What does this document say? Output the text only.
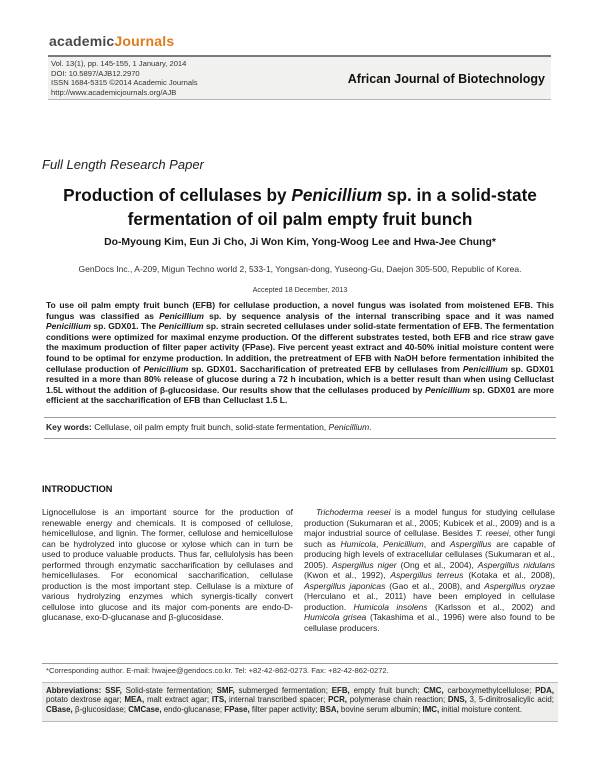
academicJournals
Vol. 13(1), pp. 145-155, 1 January, 2014
DOI: 10.5897/AJB12.2970
ISSN 1684-5315 ©2014 Academic Journals
http://www.academicjournals.org/AJB
African Journal of Biotechnology
Full Length Research Paper
Production of cellulases by Penicillium sp. in a solid-state fermentation of oil palm empty fruit bunch
Do-Myoung Kim, Eun Ji Cho, Ji Won Kim, Yong-Woog Lee and Hwa-Jee Chung*
GenDocs Inc., A-209, Migun Techno world 2, 533-1, Yongsan-dong, Yuseong-Gu, Daejon 305-500, Republic of Korea.
Accepted 18 December, 2013
To use oil palm empty fruit bunch (EFB) for cellulase production, a novel fungus was isolated from moistened EFB. This fungus was classified as Penicillium sp. by sequence analysis of the internal transcribing space and it was named Penicillium sp. GDX01. The Penicillium sp. strain secreted cellulases under solid-state fermentation of EFB. The fermentation conditions were optimized for maximal enzyme production. Of the different substrates tested, both EFB and rice straw gave the maximum production of filter paper activity (FPase). Five percent yeast extract and 40-50% initial moisture content were found to be optimal for enzyme production. In addition, the pretreatment of EFB with NaOH before fermentation inhibited the cellulase production of Penicillium sp. GDX01. Saccharification of pretreated EFB by cellulases from Penicillium sp. GDX01 resulted in a more than 80% release of glucose during a 72 h incubation, which is a better result than when using Celluclast 1.5L without the addition of β-glucosidase. Our results show that the cellulases produced by Penicillium sp. GDX01 are more efficient at the saccharification of EFB than Celluclast 1.5 L.
Key words: Cellulase, oil palm empty fruit bunch, solid-state fermentation, Penicillium.
INTRODUCTION

Lignocellulose is an important source for the production of renewable energy and chemicals. It is composed of cellulose, hemicellulose, and lignin. The former, cellulose and hemicellulose can be hydrolyzed into glucose or xylose which can in turn be used to produce valuable products. Thus far, cellulolysis has been performed through enzymatic saccharification by cellulases and hemicellulases. For economical saccharification, cellulase production is the most important step. Cellulase is a mixture of various hydrolyzing enzymes which synergis-tically convert cellulose into glucose and its major com-ponents are endo-D-glucanase, exo-D-glucanase and β-glucosidase.

Trichoderma reesei is a model fungus for studying cellulase production (Sukumaran et al., 2005; Kubicek et al., 2009) and is a major industrial source of cellulase. Besides T. reesei, other fungi such as Humicola, Penicillium, and Aspergillus are capable of producing high levels of extracellular cellulases (Sukumaran et al., 2005). Aspergillus niger (Ong et al., 2004), Aspergillus nidulans (Kwon et al., 1992), Aspergillus terreus (Kotaka et al., 2008), Aspergillus japonicas (Gao et al., 2008), and Aspergillus oryzae (Herculano et al., 2011) have been employed in cellulase production. Humicola insolens (Karlsson et al., 2002) and Humicola grisea (Takashima et al., 1996) were also found to be cellulase producers.

*Corresponding author. E-mail: hwajee@gendocs.co.kr. Tel: +82-42-862-0273. Fax: +82-42-862-0272.
Abbreviations: SSF, Solid-state fermentation; SMF, submerged fermentation; EFB, empty fruit bunch; CMC, carboxymethylcellulose; PDA, potato dextrose agar; MEA, malt extract agar; ITS, internal transcribed spacer; PCR, polymerase chain reaction; DNS, 3, 5-dinitrosalicylic acid; CBase, β-glucosidase; CMCase, endo-glucanase; FPase, filter paper activity; BSA, bovine serum albumin; IMC, initial moisture content.
